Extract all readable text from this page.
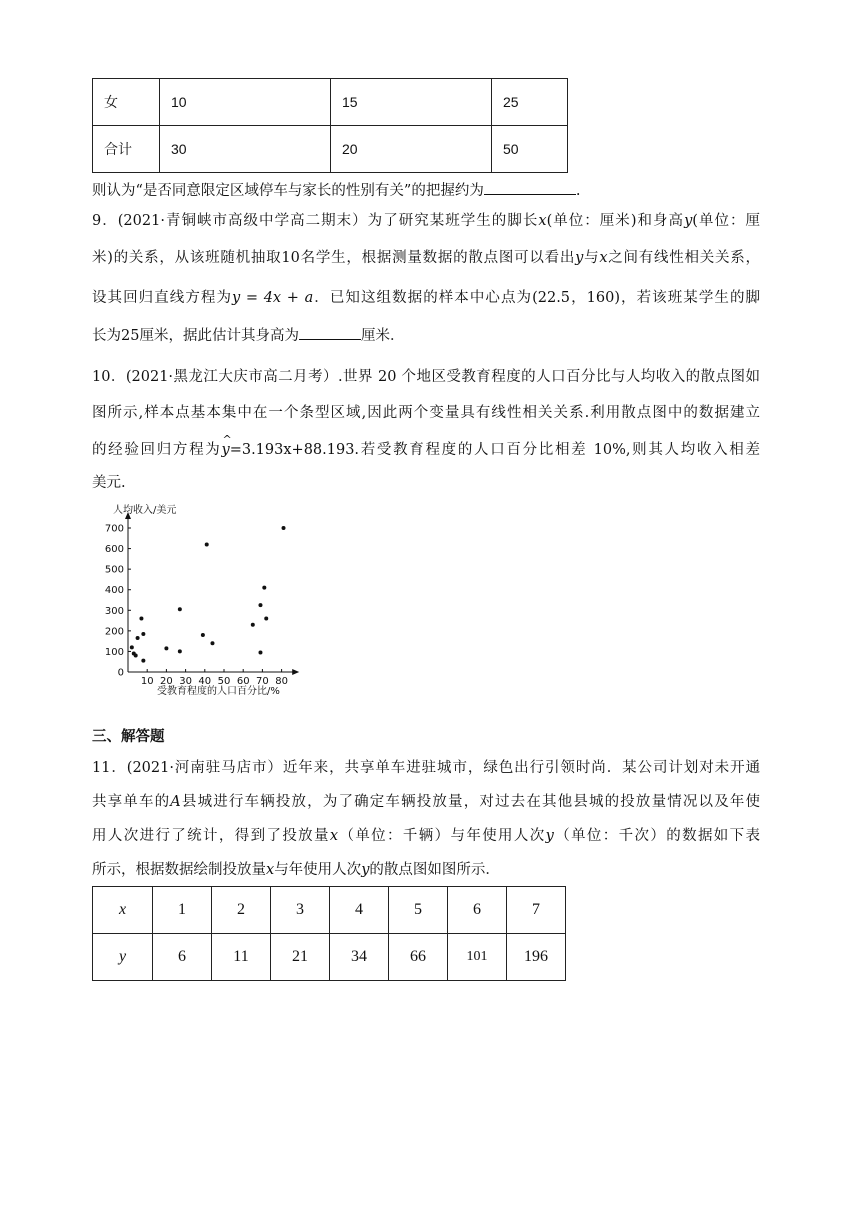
女	10	15	25
合计	30	20	50
则认为“是否同意限定区域停车与家长的性别有关”的把握约为	.
9．(2021·青铜峡市高级中学高二期末）为了研究某班学生的脚长x(单位：厘米)和身高y(单位：厘
米)的关系，从该班随机抽取10名学生，根据测量数据的散点图可以看出y与x之间有线性相关关系，
设其回归直线方程为y = 4x + a．已知这组数据的样本中心点为(22.5，160)，若该班某学生的脚
长为25厘米，据此估计其身高为	厘米．
10．(2021·黑龙江大庆市高二月考）.世界 20 个地区受教育程度的人口百分比与人均收入的散点图如
图所示,样本点基本集中在一个条型区域,因此两个变量具有线性相关关系.利用散点图中的数据建立
的经验回归方程为^ y=3.193x+88.193.若受教育程度的人口百分比相差 10%,则其人均收入相差
美元.
0
100
200
300
400
500
600
700
10 20 30 40 50 60 70 80
人均收入/美元
受教育程度的人口百分比/%
三、解答题
11．(2021·河南驻马店市）近年来，共享单车进驻城市，绿色出行引领时尚．某公司计划对未开通
共享单车的A县城进行车辆投放，为了确定车辆投放量，对过去在其他县城的投放量情况以及年使
用人次进行了统计，得到了投放量x（单位：千辆）与年使用人次y（单位：千次）的数据如下表
所示，根据数据绘制投放量x与年使用人次y的散点图如图所示．
x	1	2	3	4	5	6	7
y	6	11	21	34	66	101	196
